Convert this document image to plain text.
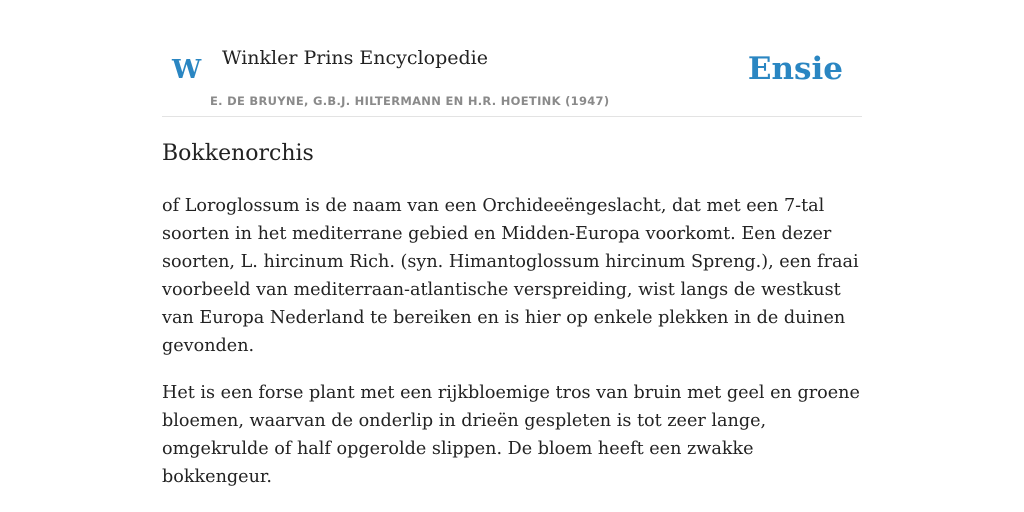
W Winkler Prins Encyclopedie	Ensie
E. DE BRUYNE, G.B.J. HILTERMANN EN H.R. HOETINK (1947)
Bokkenorchis

of Loroglossum is de naam van een Orchideeëngeslacht, dat met een 7-tal soorten in het mediterrane gebied en Midden-Europa voorkomt. Een dezer soorten, L. hircinum Rich. (syn. Himantoglossum hircinum Spreng.), een fraai voorbeeld van mediterraan-atlantische verspreiding, wist langs de westkust van Europa Nederland te bereiken en is hier op enkele plekken in de duinen gevonden.

Het is een forse plant met een rijkbloemige tros van bruin met geel en groene bloemen, waarvan de onderlip in drieën gespleten is tot zeer lange, omgekrulde of half opgerolde slippen. De bloem heeft een zwakke bokkengeur.
